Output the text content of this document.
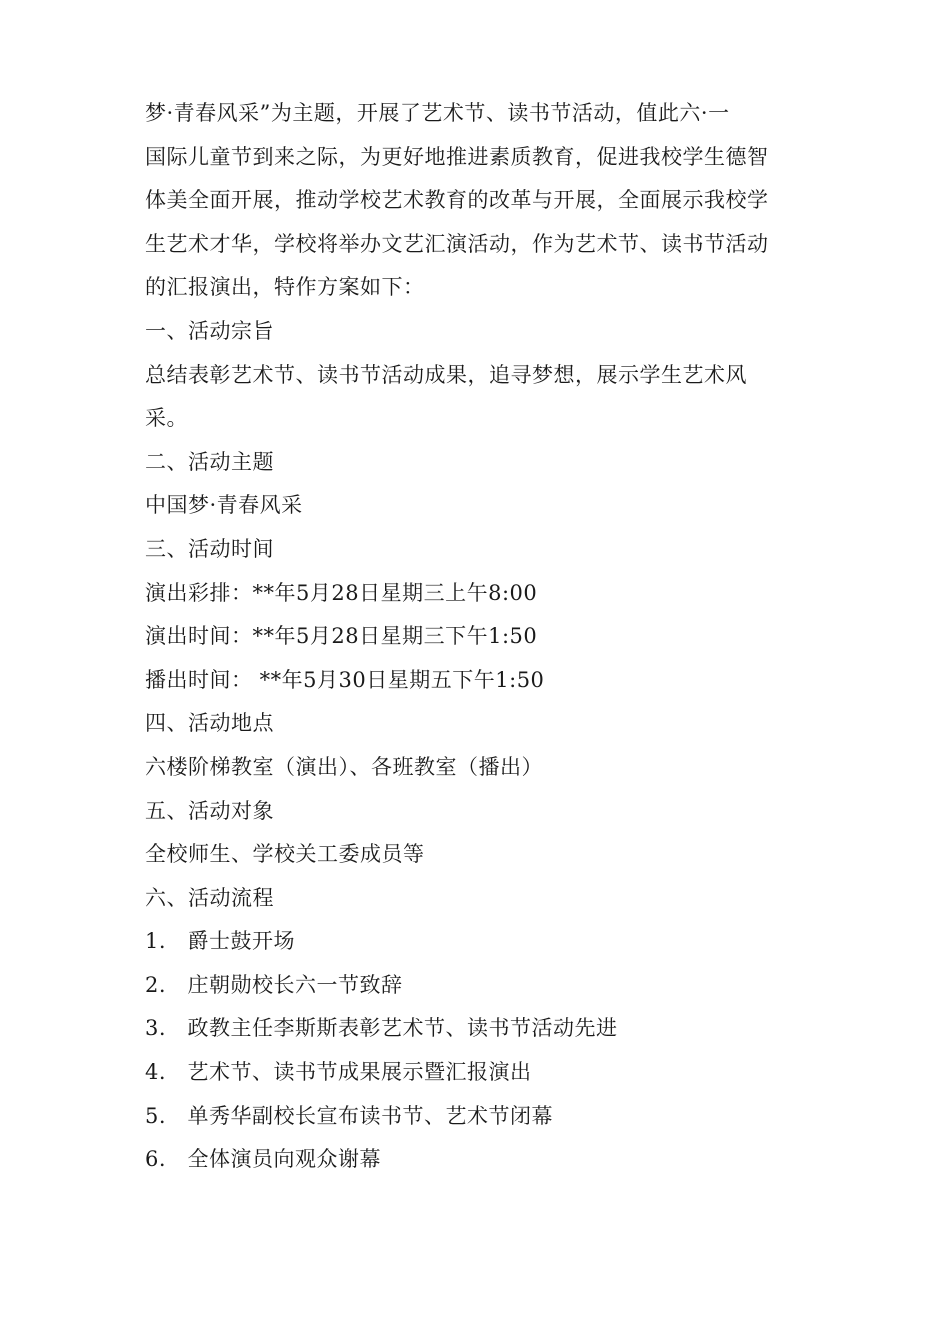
梦·青春风采”为主题，开展了艺术节、读书节活动，值此六·一
国际儿童节到来之际，为更好地推进素质教育，促进我校学生德智
体美全面开展，推动学校艺术教育的改革与开展，全面展示我校学
生艺术才华，学校将举办文艺汇演活动，作为艺术节、读书节活动
的汇报演出，特作方案如下：
一、活动宗旨
总结表彰艺术节、读书节活动成果，追寻梦想，展示学生艺术风
采。
二、活动主题
中国梦·青春风采
三、活动时间
演出彩排：**年5月28日星期三上午8:00
演出时间：**年5月28日星期三下午1:50
播出时间： **年5月30日星期五下午1:50
四、活动地点
六楼阶梯教室（演出）、各班教室（播出）
五、活动对象
全校师生、学校关工委成员等
六、活动流程
1.　爵士鼓开场
2.　庄朝勋校长六一节致辞
3.　政教主任李斯斯表彰艺术节、读书节活动先进
4.　艺术节、读书节成果展示暨汇报演出
5.　单秀华副校长宣布读书节、艺术节闭幕
6.　全体演员向观众谢幕
